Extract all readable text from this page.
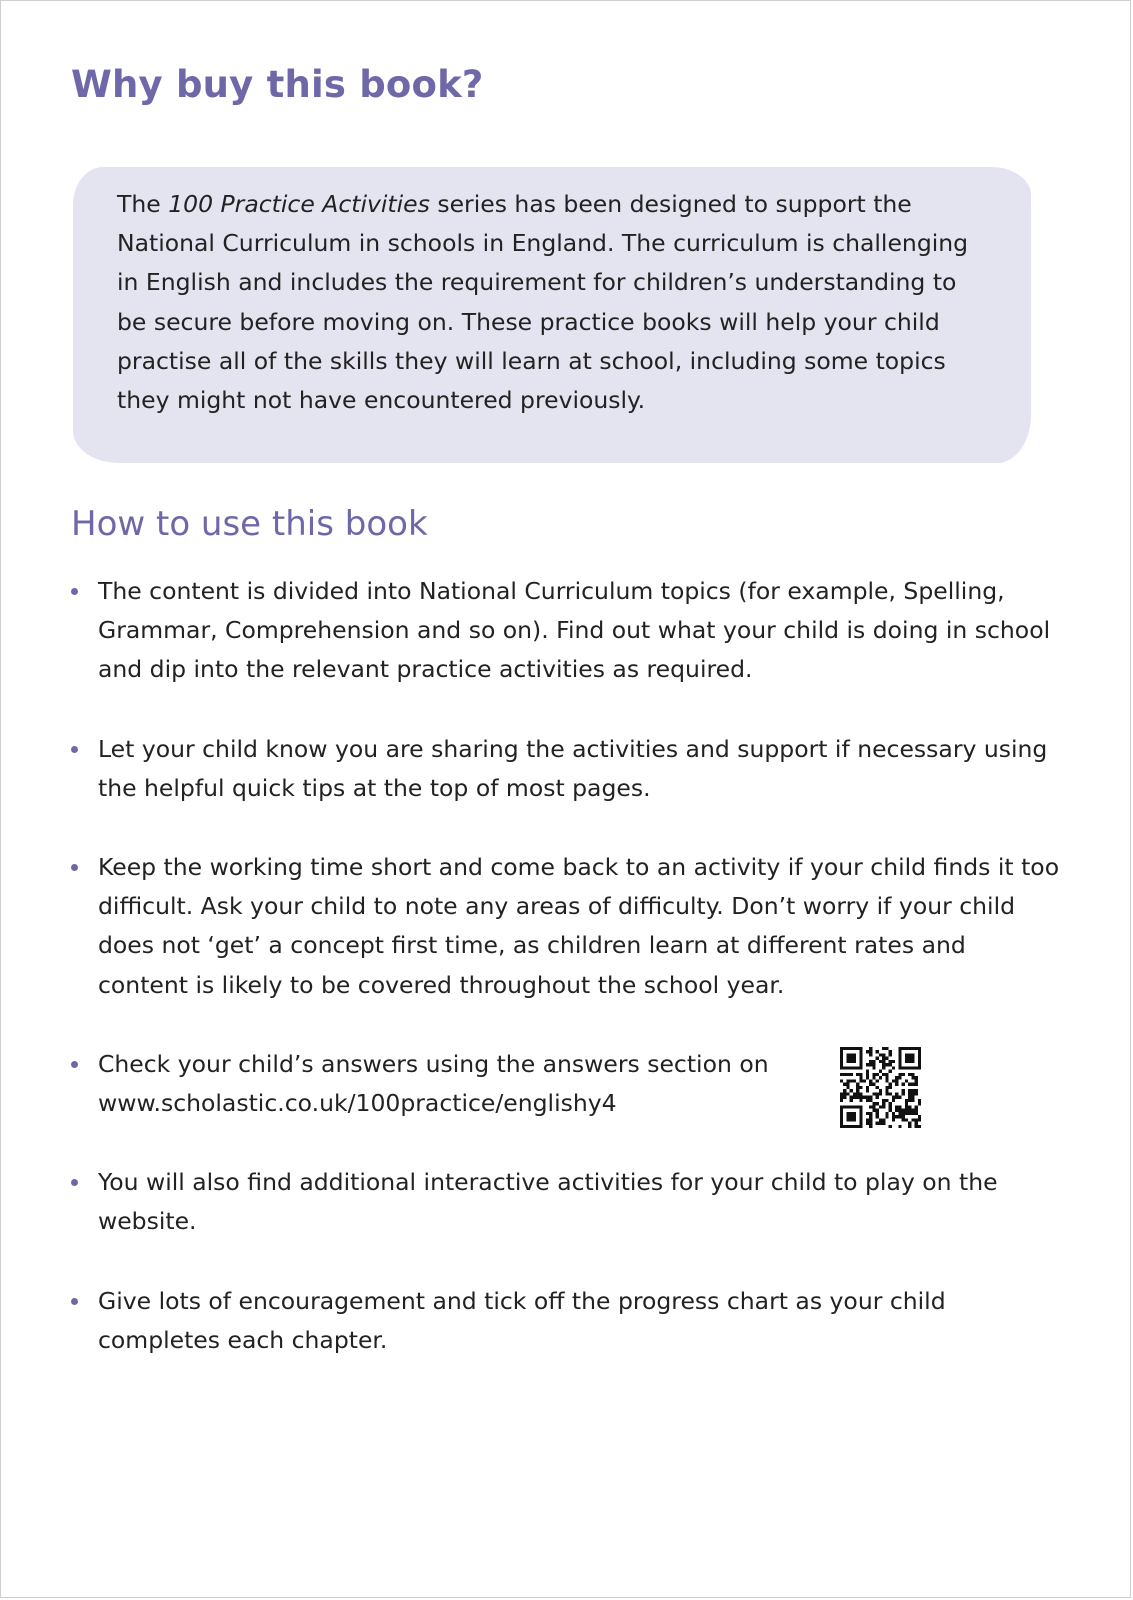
Why buy this book?

The 100 Practice Activities series has been designed to support the National Curriculum in schools in England. The curriculum is challenging in English and includes the requirement for children’s understanding to be secure before moving on. These practice books will help your child practise all of the skills they will learn at school, including some topics they might not have encountered previously.

How to use this book
The content is divided into National Curriculum topics (for example, Spelling, Grammar, Comprehension and so on). Find out what your child is doing in school and dip into the relevant practice activities as required.
Let your child know you are sharing the activities and support if necessary using the helpful quick tips at the top of most pages.
Keep the working time short and come back to an activity if your child finds it too difficult. Ask your child to note any areas of difficulty. Don’t worry if your child does not ‘get’ a concept first time, as children learn at different rates and content is likely to be covered throughout the school year.
Check your child’s answers using the answers section on www.scholastic.co.uk/100practice/englishy4
You will also find additional interactive activities for your child to play on the website.
Give lots of encouragement and tick off the progress chart as your child completes each chapter.
